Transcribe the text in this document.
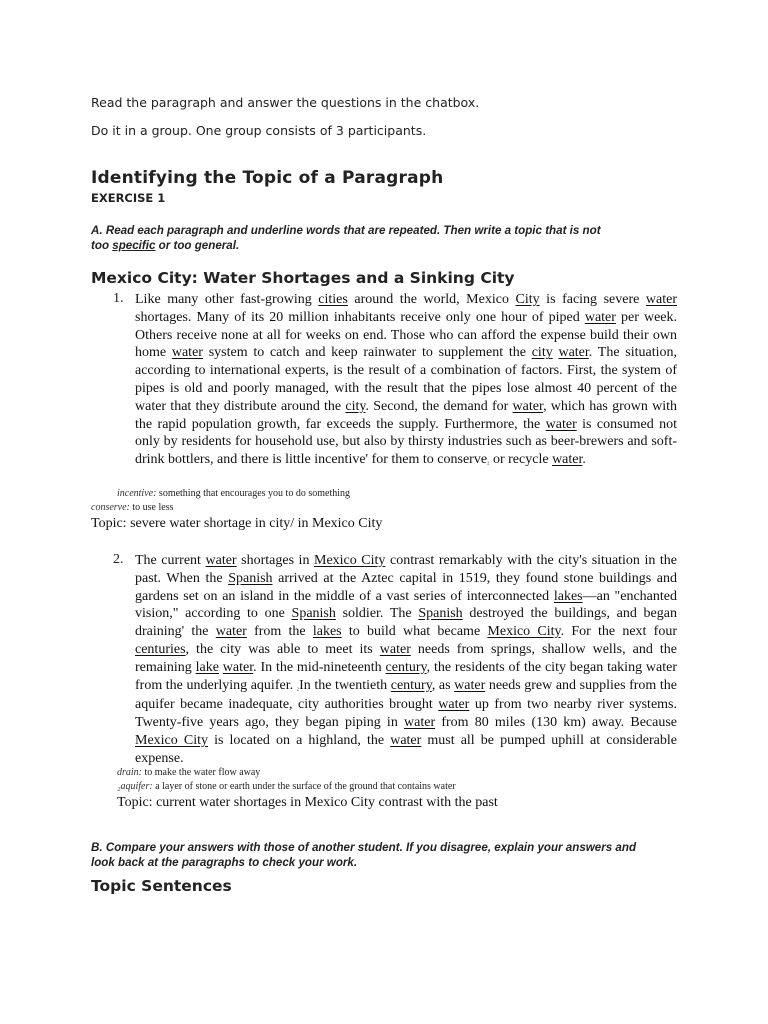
Read the paragraph and answer the questions in the chatbox.
Do it in a group. One group consists of 3 participants.
Identifying the Topic of a Paragraph
EXERCISE 1
A. Read each paragraph and underline words that are repeated. Then write a topic that is not
too specific or too general.
Mexico City: Water Shortages and a Sinking City
1. Like many other fast-growing cities around the world, Mexico City is facing severe water shortages. Many of its 20 million inhabitants receive only one hour of piped water per week. Others receive none at all for weeks on end. Those who can afford the expense build their own home water system to catch and keep rainwater to supplement the city water. The situation, according to international experts, is the result of a combination of factors. First, the system of pipes is old and poorly managed, with the result that the pipes lose almost 40 percent of the water that they distribute around the city. Second, the demand for water, which has grown with the rapid population growth, far exceeds the supply. Furthermore, the water is consumed not only by residents for household use, but also by thirsty industries such as beer-brewers and soft-drink bottlers, and there is little incentive' for them to conserve₂ or recycle water.
incentive: something that encourages you to do something
conserve: to use less
Topic: severe water shortage in city/ in Mexico City
2. The current water shortages in Mexico City contrast remarkably with the city's situation in the past. When the Spanish arrived at the Aztec capital in 1519, they found stone buildings and gardens set on an island in the middle of a vast series of interconnected lakes—an "enchanted vision," according to one Spanish soldier. The Spanish destroyed the buildings, and began draining' the water from the lakes to build what became Mexico City. For the next four centuries, the city was able to meet its water needs from springs, shallow wells, and the remaining lake water. In the mid-nineteenth century, the residents of the city began taking water from the underlying aquifer. ₂In the twentieth century, as water needs grew and supplies from the aquifer became inadequate, city authorities brought water up from two nearby river systems. Twenty-five years ago, they began piping in water from 80 miles (130 km) away. Because Mexico City is located on a highland, the water must all be pumped uphill at considerable expense.
drain: to make the water flow away
₂aquifer: a layer of stone or earth under the surface of the ground that contains water
Topic: current water shortages in Mexico City contrast with the past
B. Compare your answers with those of another student. If you disagree, explain your answers and
look back at the paragraphs to check your work.
Topic Sentences
